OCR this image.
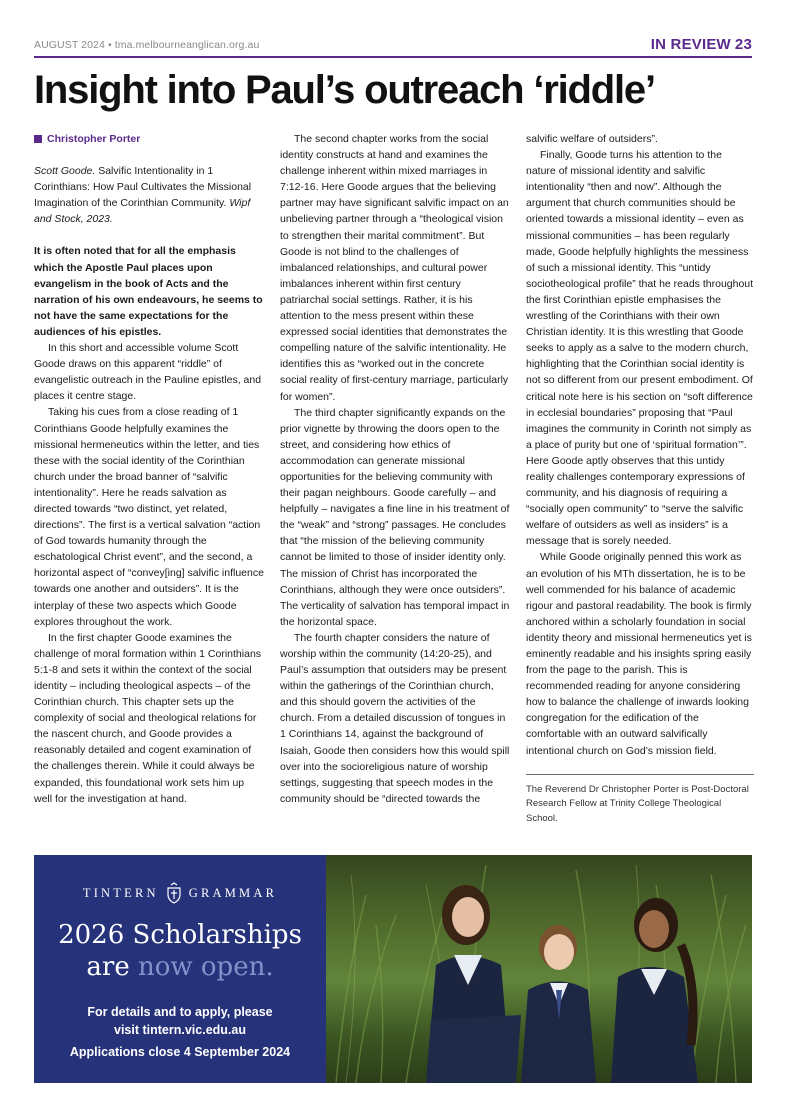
AUGUST 2024 • tma.melbourneanglican.org.au	IN REVIEW 23
Insight into Paul’s outreach ‘riddle’
Christopher Porter

Scott Goode. Salvific Intentionality in 1 Corinthians: How Paul Cultivates the Missional Imagination of the Corinthian Community. Wipf and Stock, 2023.

It is often noted that for all the emphasis which the Apostle Paul places upon evangelism in the book of Acts and the narration of his own endeavours, he seems to not have the same expectations for the audiences of his epistles.

In this short and accessible volume Scott Goode draws on this apparent “riddle” of evangelistic outreach in the Pauline epistles, and places it centre stage.

Taking his cues from a close reading of 1 Corinthians Goode helpfully examines the missional hermeneutics within the letter, and ties these with the social identity of the Corinthian church under the broad banner of “salvific intentionality”. Here he reads salvation as directed towards “two distinct, yet related, directions”. The first is a vertical salvation “action of God towards humanity through the eschatological Christ event”, and the second, a horizontal aspect of “convey[ing] salvific influence towards one another and outsiders”. It is the interplay of these two aspects which Goode explores throughout the work.

In the first chapter Goode examines the challenge of moral formation within 1 Corinthians 5:1-8 and sets it within the context of the social identity – including theological aspects – of the Corinthian church. This chapter sets up the complexity of social and theological relations for the nascent church, and Goode provides a reasonably detailed and cogent examination of the challenges therein. While it could always be expanded, this foundational work sets him up well for the investigation at hand.

The second chapter works from the social identity constructs at hand and examines the challenge inherent within mixed marriages in 7:12-16. Here Goode argues that the believing partner may have significant salvific impact on an unbelieving partner through a “theological vision to strengthen their marital commitment”. But Goode is not blind to the challenges of imbalanced relationships, and cultural power imbalances inherent within first century patriarchal social settings. Rather, it is his attention to the mess present within these expressed social identities that demonstrates the compelling nature of the salvific intentionality. He identifies this as “worked out in the concrete social reality of first-century marriage, particularly for women”.

The third chapter significantly expands on the prior vignette by throwing the doors open to the street, and considering how ethics of accommodation can generate missional opportunities for the believing community with their pagan neighbours. Goode carefully – and helpfully – navigates a fine line in his treatment of the “weak” and “strong” passages. He concludes that “the mission of the believing community cannot be limited to those of insider identity only. The mission of Christ has incorporated the Corinthians, although they were once outsiders”. The verticality of salvation has temporal impact in the horizontal space.

The fourth chapter considers the nature of worship within the community (14:20-25), and Paul’s assumption that outsiders may be present within the gatherings of the Corinthian church, and this should govern the activities of the church. From a detailed discussion of tongues in 1 Corinthians 14, against the background of Isaiah, Goode then considers how this would spill over into the socioreligious nature of worship settings, suggesting that speech modes in the community should be “directed towards the

salvific welfare of outsiders”.

Finally, Goode turns his attention to the nature of missional identity and salvific intentionality “then and now”. Although the argument that church communities should be oriented towards a missional identity – even as missional communities – has been regularly made, Goode helpfully highlights the messiness of such a missional identity. This “untidy sociotheological profile” that he reads throughout the first Corinthian epistle emphasises the wrestling of the Corinthians with their own Christian identity. It is this wrestling that Goode seeks to apply as a salve to the modern church, highlighting that the Corinthian social identity is not so different from our present embodiment. Of critical note here is his section on “soft difference in ecclesial boundaries” proposing that “Paul imagines the community in Corinth not simply as a place of purity but one of ‘spiritual formation’”. Here Goode aptly observes that this untidy reality challenges contemporary expressions of community, and his diagnosis of requiring a “socially open community” to “serve the salvific welfare of outsiders as well as insiders” is a message that is sorely needed.

While Goode originally penned this work as an evolution of his MTh dissertation, he is to be well commended for his balance of academic rigour and pastoral readability. The book is firmly anchored within a scholarly foundation in social identity theory and missional hermeneutics yet is eminently readable and his insights spring easily from the page to the parish. This is recommended reading for anyone considering how to balance the challenge of inwards looking congregation for the edification of the comfortable with an outward salvifically intentional church on God’s mission field.

The Reverend Dr Christopher Porter is Post-Doctoral Research Fellow at Trinity College Theological School.

TINTERN GRAMMAR
2026 Scholarships
are now open.
For details and to apply, please
visit tintern.vic.edu.au
Applications close 4 September 2024
